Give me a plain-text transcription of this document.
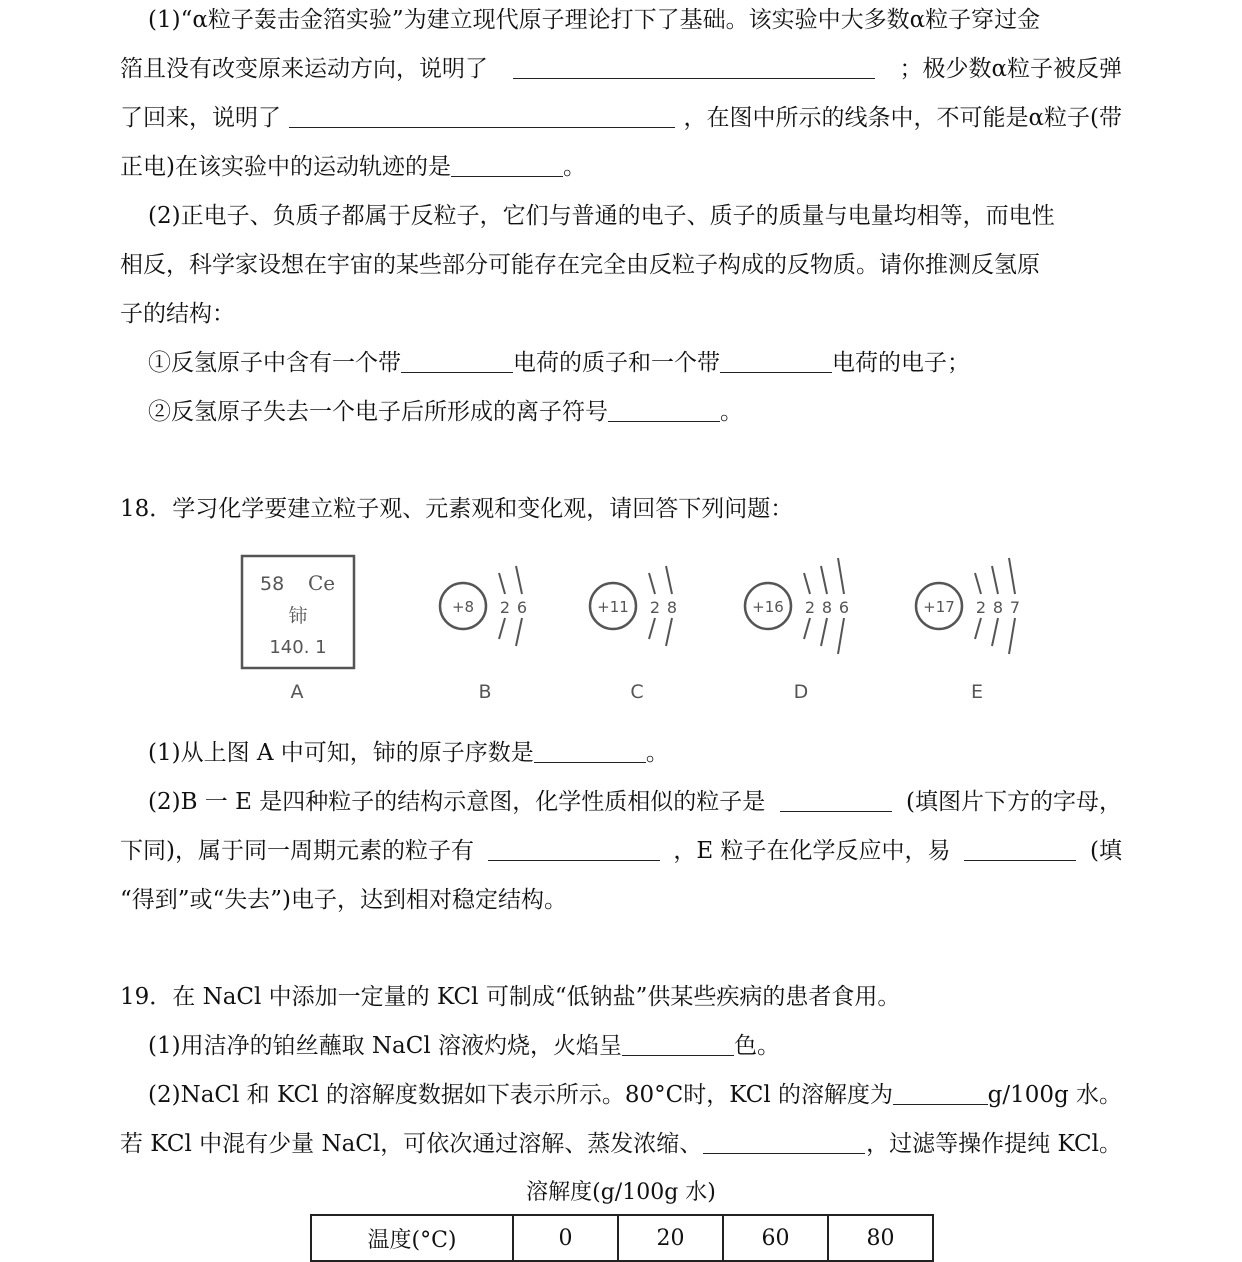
(1)“α粒子轰击金箔实验”为建立现代原子理论打下了基础。该实验中大多数α粒子穿过金
箔且没有改变原来运动方向，说明了	；极少数α粒子被反弹
了回来，说明了	，在图中所示的线条中，不可能是α粒子(带
正电)在该实验中的运动轨迹的是	。
(2)正电子、负质子都属于反粒子，它们与普通的电子、质子的质量与电量均相等，而电性
相反，科学家设想在宇宙的某些部分可能存在完全由反粒子构成的反物质。请你推测反氢原
子的结构：
①反氢原子中含有一个带	电荷的质子和一个带	电荷的电子；
②反氢原子失去一个电子后所形成的离子符号	。
18．学习化学要建立粒子观、元素观和变化观，请回答下列问题：
58 Ce
铈
140. 1
+8 2 6	+11 2 8	+16 2 8 6	+17 2 8 7
A	B	C	D	E
(1)从上图 A 中可知，铈的原子序数是	。
(2)B 一 E 是四种粒子的结构示意图，化学性质相似的粒子是	(填图片下方的字母，
下同)，属于同一周期元素的粒子有	，E 粒子在化学反应中，易	(填
“得到”或“失去”)电子，达到相对稳定结构。
19．在 NaCl 中添加一定量的 KCl 可制成“低钠盐”供某些疾病的患者食用。
(1)用洁净的铂丝蘸取 NaCl 溶液灼烧，火焰呈	色。
(2)NaCl 和 KCl 的溶解度数据如下表示所示。80°C时，KCl 的溶解度为	g/100g 水。
若 KCl 中混有少量 NaCl，可依次通过溶解、蒸发浓缩、	，过滤等操作提纯 KCl。
溶解度(g/100g 水)
温度(°C)	0	20	60	80
